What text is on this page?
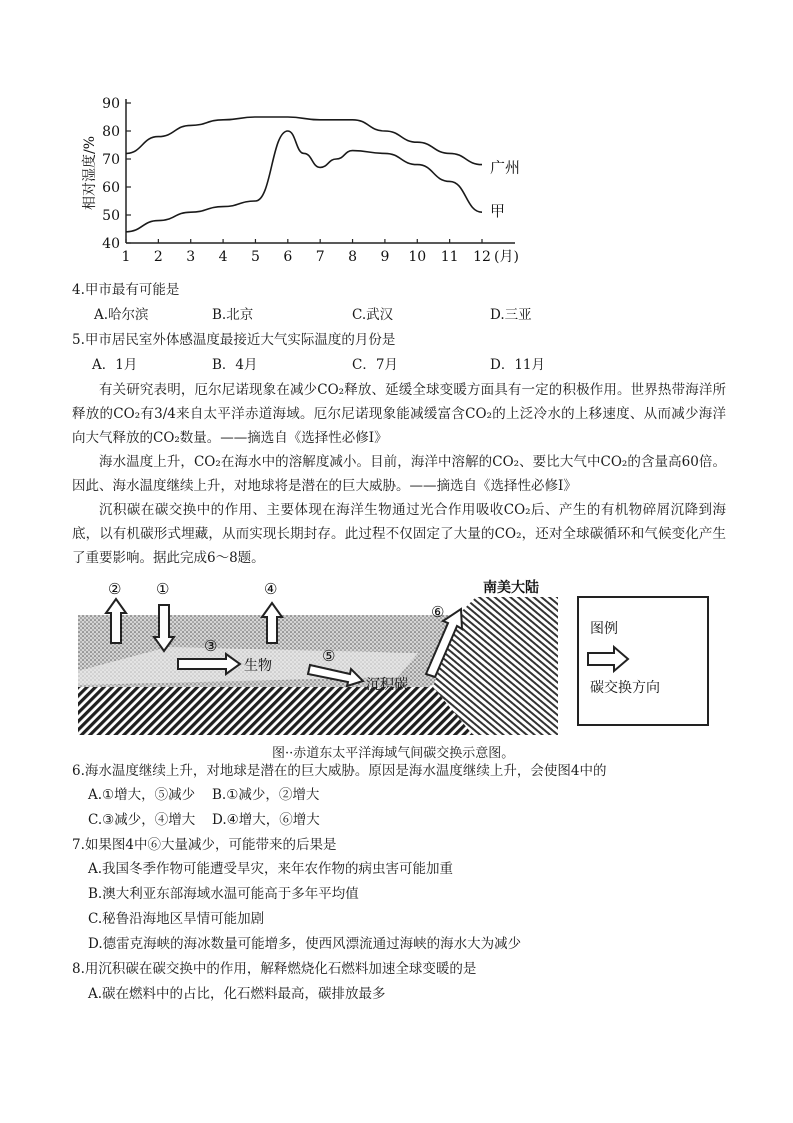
40
50
60
70
80
90
1 2 3 4 5 6 7 8 9 10 11 12 (月)
相对湿度/%	广州
甲
4.甲市最有可能是
A.哈尔滨	B.北京	C.武汉	D.三亚
5.甲市居民室外体感温度最接近大气实际温度的月份是
A．1月	B．4月	C．7月	D．11月
有关研究表明，厄尔尼诺现象在减少CO₂释放、延缓全球变暖方面具有一定的积极作用。世界热带海洋所释放的CO₂有3/4来自太平洋赤道海域。厄尔尼诺现象能减缓富含CO₂的上泛冷水的上移速度、从而减少海洋向大气释放的CO₂数量。——摘选自《选择性必修Ⅰ》
海水温度上升，CO₂在海水中的溶解度减小。目前，海洋中溶解的CO₂、要比大气中CO₂的含量高60倍。因此、海水温度继续上升，对地球将是潜在的巨大威胁。——摘选自《选择性必修Ⅰ》
沉积碳在碳交换中的作用、主要体现在海洋生物通过光合作用吸收CO₂后、产生的有机物碎屑沉降到海底，以有机碳形式埋藏，从而实现长期封存。此过程不仅固定了大量的CO₂，还对全球碳循环和气候变化产生了重要影响。据此完成6～8题。
② ①	④
③
⑤
⑥
生物
沉积碳
南美大陆
图例
碳交换方向
图··赤道东太平洋海域气间碳交换示意图。
6.海水温度继续上升，对地球是潜在的巨大威胁。原因是海水温度继续上升，会使图4中的
A.①增大，⑤减少 B.①减少，②增大
C.③减少，④增大 D.④增大，⑥增大
7.如果图4中⑥大量减少，可能带来的后果是
A.我国冬季作物可能遭受旱灾，来年农作物的病虫害可能加重
B.澳大利亚东部海域水温可能高于多年平均值
C.秘鲁沿海地区旱情可能加剧
D.德雷克海峡的海冰数量可能增多，使西风漂流通过海峡的海水大为减少
8.用沉积碳在碳交换中的作用，解释燃烧化石燃料加速全球变暖的是
A.碳在燃料中的占比，化石燃料最高，碳排放最多
